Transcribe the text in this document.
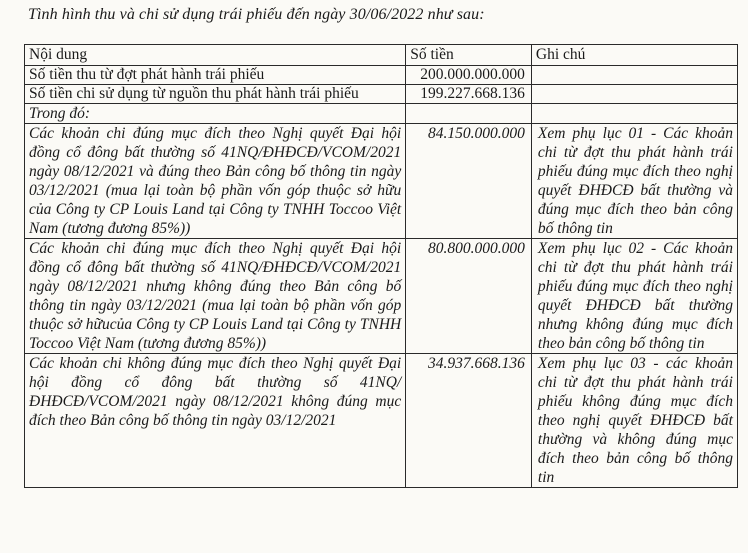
Tình hình thu và chi sử dụng trái phiếu đến ngày 30/06/2022 như sau:
Nội dung	Số tiền	Ghi chú
Số tiền thu từ đợt phát hành trái phiếu	200.000.000.000	
Số tiền chi sử dụng từ nguồn thu phát hành trái phiếu	199.227.668.136	
Trong đó:		
Các khoản chi đúng mục đích theo Nghị quyết Đại hội đồng cổ đông bất thường số 41NQ/ĐHĐCĐ/VCOM/2021 ngày 08/12/2021 và đúng theo Bản công bố thông tin ngày 03/12/2021 (mua lại toàn bộ phần vốn góp thuộc sở hữu của Công ty CP Louis Land tại Công ty TNHH Toccoo Việt Nam (tương đương 85%))	84.150.000.000	Xem phụ lục 01 - Các khoản chi từ đợt thu phát hành trái phiếu đúng mục đích theo nghị quyết ĐHĐCĐ bất thường và đúng mục đích theo bản công bố thông tin
Các khoản chi đúng mục đích theo Nghị quyết Đại hội đồng cổ đông bất thường số 41NQ/ĐHĐCĐ/VCOM/2021 ngày 08/12/2021 nhưng không đúng theo Bản công bố thông tin ngày 03/12/2021 (mua lại toàn bộ phần vốn góp thuộc sở hữucủa Công ty CP Louis Land tại Công ty TNHH Toccoo Việt Nam (tương đương 85%))	80.800.000.000	Xem phụ lục 02 - Các khoản chi từ đợt thu phát hành trái phiếu đúng mục đích theo nghị quyết ĐHĐCĐ bất thường nhưng không đúng mục đích theo bản công bố thông tin
Các khoản chi không đúng mục đích theo Nghị quyết Đại hội đồng cổ đông bất thường số 41NQ/ĐHĐCĐ/VCOM/2021 ngày 08/12/2021 không đúng mục đích theo Bản công bố thông tin ngày 03/12/2021	34.937.668.136	Xem phụ lục 03 - các khoản chi từ đợt thu phát hành trái phiếu không đúng mục đích theo nghị quyết ĐHĐCĐ bất thường và không đúng mục đích theo bản công bố thông tin
